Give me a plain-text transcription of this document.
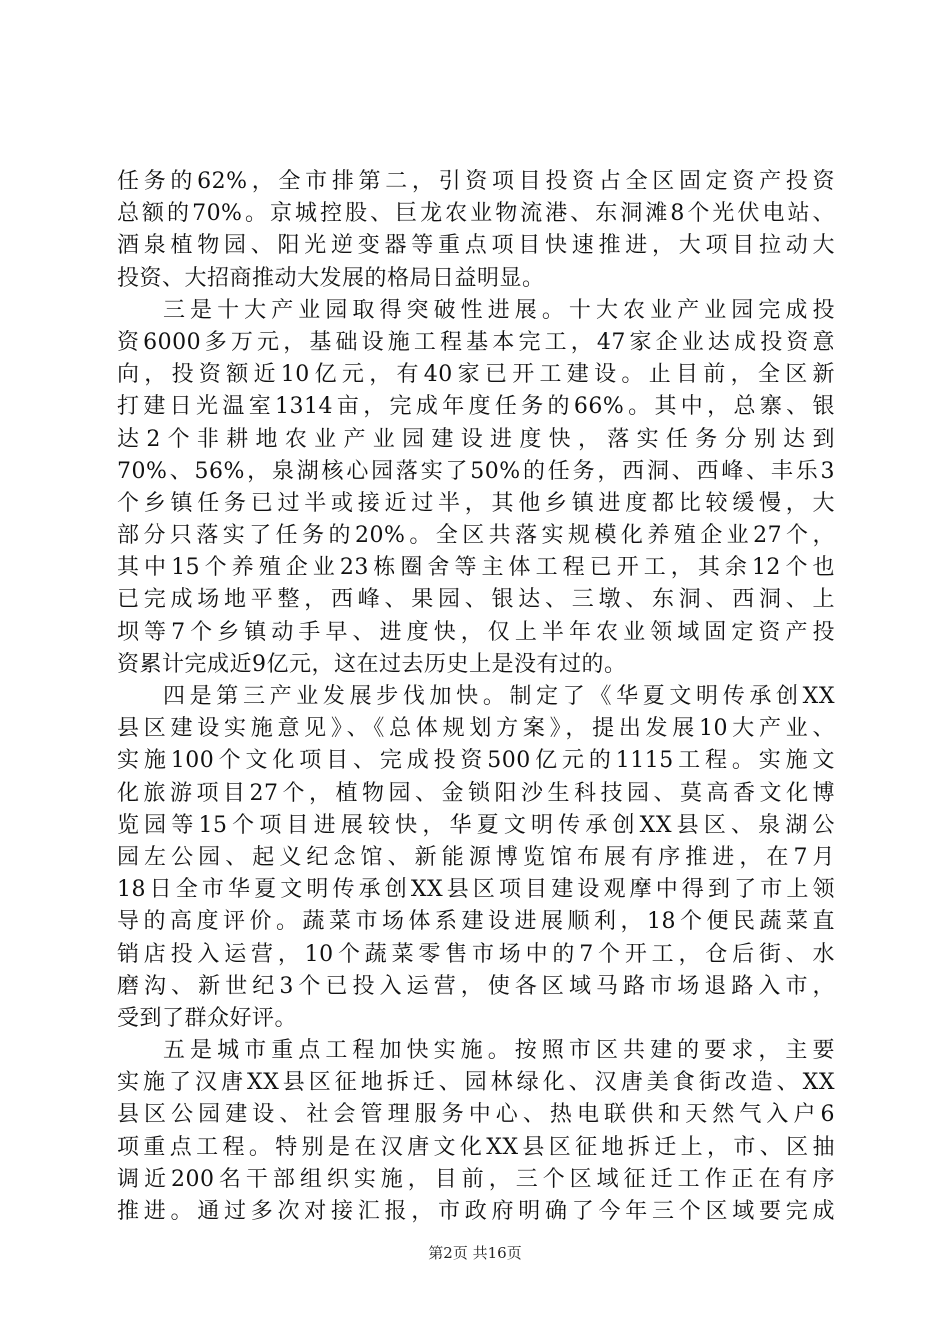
任务的62%，全市排第二，引资项目投资占全区固定资产投资
总额的70%。京城控股、巨龙农业物流港、东洞滩8个光伏电站、
酒泉植物园、阳光逆变器等重点项目快速推进，大项目拉动大
投资、大招商推动大发展的格局日益明显。
三是十大产业园取得突破性进展。十大农业产业园完成投
资6000多万元，基础设施工程基本完工，47家企业达成投资意
向，投资额近10亿元，有40家已开工建设。止目前，全区新
打建日光温室1314亩，完成年度任务的66%。其中，总寨、银
达2个非耕地农业产业园建设进度快，落实任务分别达到
70%、56%，泉湖核心园落实了50%的任务，西洞、西峰、丰乐3
个乡镇任务已过半或接近过半，其他乡镇进度都比较缓慢，大
部分只落实了任务的20%。全区共落实规模化养殖企业27个，
其中15个养殖企业23栋圈舍等主体工程已开工，其余12个也
已完成场地平整，西峰、果园、银达、三墩、东洞、西洞、上
坝等7个乡镇动手早、进度快，仅上半年农业领域固定资产投
资累计完成近9亿元，这在过去历史上是没有过的。
四是第三产业发展步伐加快。制定了《华夏文明传承创XX
县区建设实施意见》、《总体规划方案》，提出发展10大产业、
实施100个文化项目、完成投资500亿元的1115工程。实施文
化旅游项目27个，植物园、金锁阳沙生科技园、莫高香文化博
览园等15个项目进展较快，华夏文明传承创XX县区、泉湖公
园左公园、起义纪念馆、新能源博览馆布展有序推进，在7月
18日全市华夏文明传承创XX县区项目建设观摩中得到了市上领
导的高度评价。蔬菜市场体系建设进展顺利，18个便民蔬菜直
销店投入运营，10个蔬菜零售市场中的7个开工，仓后街、水
磨沟、新世纪3个已投入运营，使各区域马路市场退路入市，
受到了群众好评。
五是城市重点工程加快实施。按照市区共建的要求，主要
实施了汉唐XX县区征地拆迁、园林绿化、汉唐美食街改造、XX
县区公园建设、社会管理服务中心、热电联供和天然气入户6
项重点工程。特别是在汉唐文化XX县区征地拆迁上，市、区抽
调近200名干部组织实施，目前，三个区域征迁工作正在有序
推进。通过多次对接汇报，市政府明确了今年三个区域要完成
第2页 共16页
